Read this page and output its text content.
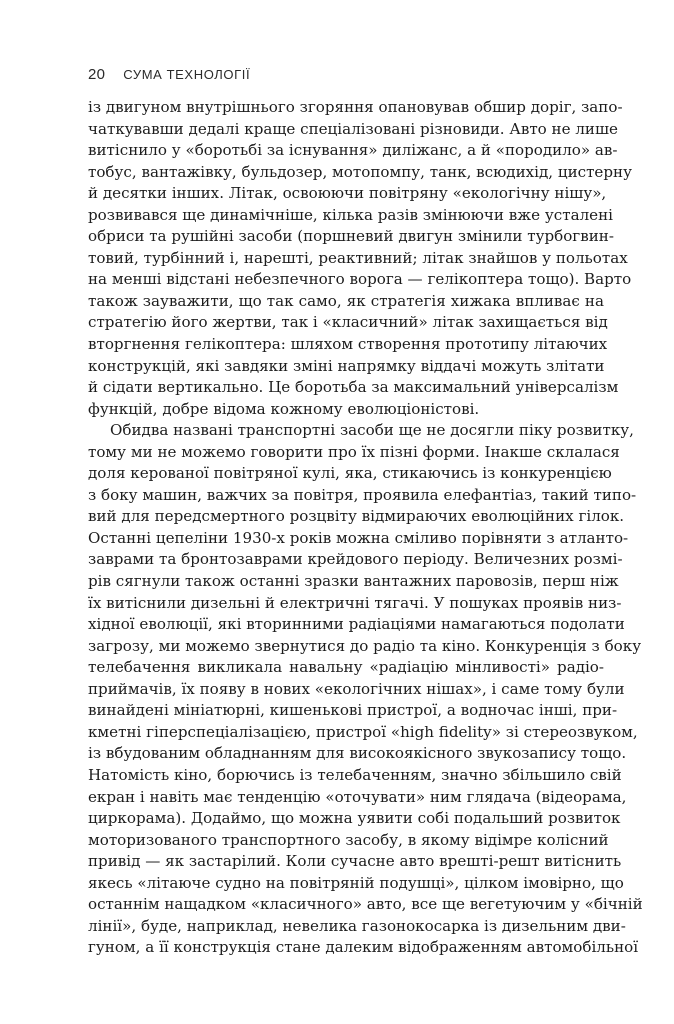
20 СУМА ТЕХНОЛОГІЇ
із двигуном внутрішнього згоряння опановував обшир доріг, запо-
чаткувавши дедалі краще спеціалізовані різновиди. Авто не лише
витіснило у «боротьбі за існування» диліжанс, а й «породило» ав-
тобус, вантажівку, бульдозер, мотопомпу, танк, всюдихід, цистерну
й десятки інших. Літак, освоюючи повітряну «екологічну нішу»,
розвивався ще динамічніше, кілька разів змінюючи вже усталені
обриси та рушійні засоби (поршневий двигун змінили турбогвин-
товий, турбінний і, нарешті, реактивний; літак знайшов у польотах
на менші відстані небезпечного ворога — гелікоптера тощо). Варто
також зауважити, що так само, як стратегія хижака впливає на
стратегію його жертви, так і «класичний» літак захищається від
вторгнення гелікоптера: шляхом створення прототипу літаючих
конструкцій, які завдяки зміні напрямку віддачі можуть злітати
й сідати вертикально. Це боротьба за максимальний універсалізм
функцій, добре відома кожному еволюціоністові.
Обидва названі транспортні засоби ще не досягли піку розвитку,
тому ми не можемо говорити про їх пізні форми. Інакше склалася
доля керованої повітряної кулі, яка, стикаючись із конкуренцією
з боку машин, важчих за повітря, проявила елефантіаз, такий типо-
вий для передсмертного розцвіту відмираючих еволюційних гілок.
Останні цепеліни 1930-х років можна сміливо порівняти з атланто-
заврами та бронтозаврами крейдового періоду. Величезних розмі-
рів сягнули також останні зразки вантажних паровозів, перш ніж
їх витіснили дизельні й електричні тягачі. У пошуках проявів низ-
хідної еволюції, які вторинними радіаціями намагаються подолати
загрозу, ми можемо звернутися до радіо та кіно. Конкуренція з боку
телебачення викликала навальну «радіацію мінливості» радіо-
приймачів, їх появу в нових «екологічних нішах», і саме тому були
винайдені мініатюрні, кишенькові пристрої, а водночас інші, при-
кметні гіперспеціалізацією, пристрої «high fidelity» зі стереозвуком,
із вбудованим обладнанням для високоякісного звукозапису тощо.
Натомість кіно, борючись із телебаченням, значно збільшило свій
екран і навіть має тенденцію «оточувати» ним глядача (відеорама,
циркорама). Додаймо, що можна уявити собі подальший розвиток
моторизованого транспортного засобу, в якому відімре колісний
привід — як застарілий. Коли сучасне авто врешті-решт витіснить
якесь «літаюче судно на повітряній подушці», цілком імовірно, що
останнім нащадком «класичного» авто, все ще вегетуючим у «бічній
лінії», буде, наприклад, невелика газонокосарка із дизельним дви-
гуном, а її конструкція стане далеким відображенням автомобільної
